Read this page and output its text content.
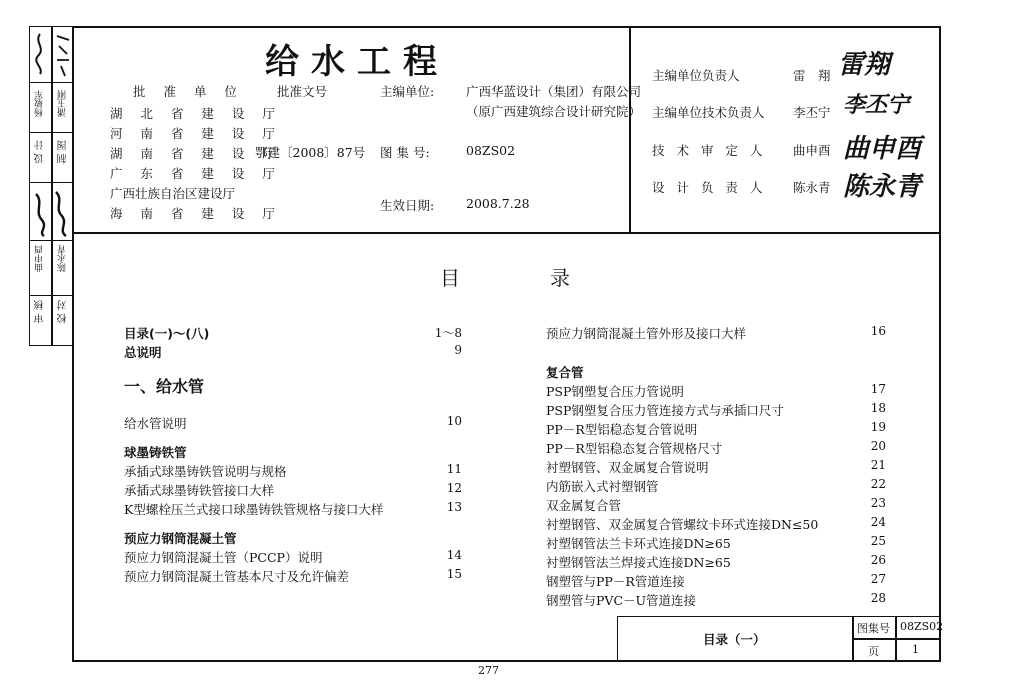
审 核 校 对
曲申酉 陈永青
设 计 制 图
杨敏军 潘玉刚
给水工程
批 准 单 位
湖 北 省 建 设 厅
河 南 省 建 设 厅
湖 南 省 建 设 厅
广 东 省 建 设 厅
广西壮族自治区建设厅
海 南 省 建 设 厅
批准文号
鄂建〔2008〕87号
主编单位:	广西华蓝设计（集团）有限公司
（原广西建筑综合设计研究院）
图 集 号:	08ZS02
生效日期:	2008.7.28
主编单位负责人	雷　翔 雷翔
主编单位技术负责人 李丕宁 李丕宁
技 术 审 定 人 曲申酉 曲申酉
设 计 负 责 人 陈永青 陈永青
目	录
目录(一)～(八)	1～8
总说明	9
一、给水管
给水管说明	10
球墨铸铁管
承插式球墨铸铁管说明与规格	11
承插式球墨铸铁管接口大样	12
K型螺栓压兰式接口球墨铸铁管规格与接口大样	13
预应力钢筒混凝土管
预应力钢筒混凝土管（PCCP）说明	14
预应力钢筒混凝土管基本尺寸及允许偏差	15
预应力钢筒混凝土管外形及接口大样	16
复合管
PSP钢塑复合压力管说明	17
PSP钢塑复合压力管连接方式与承插口尺寸	18
PP－R型铝稳态复合管说明	19
PP－R型铝稳态复合管规格尺寸	20
衬塑钢管、双金属复合管说明	21
内筋嵌入式衬塑钢管	22
双金属复合管	23
衬塑钢管、双金属复合管螺纹卡环式连接DN≤50	24
衬塑钢管法兰卡环式连接DN≥65	25
衬塑钢管法兰焊接式连接DN≥65	26
钢塑管与PP－R管道连接	27
钢塑管与PVC－U管道连接	28
目录（一）
图集号 08ZS02
页	1
277
